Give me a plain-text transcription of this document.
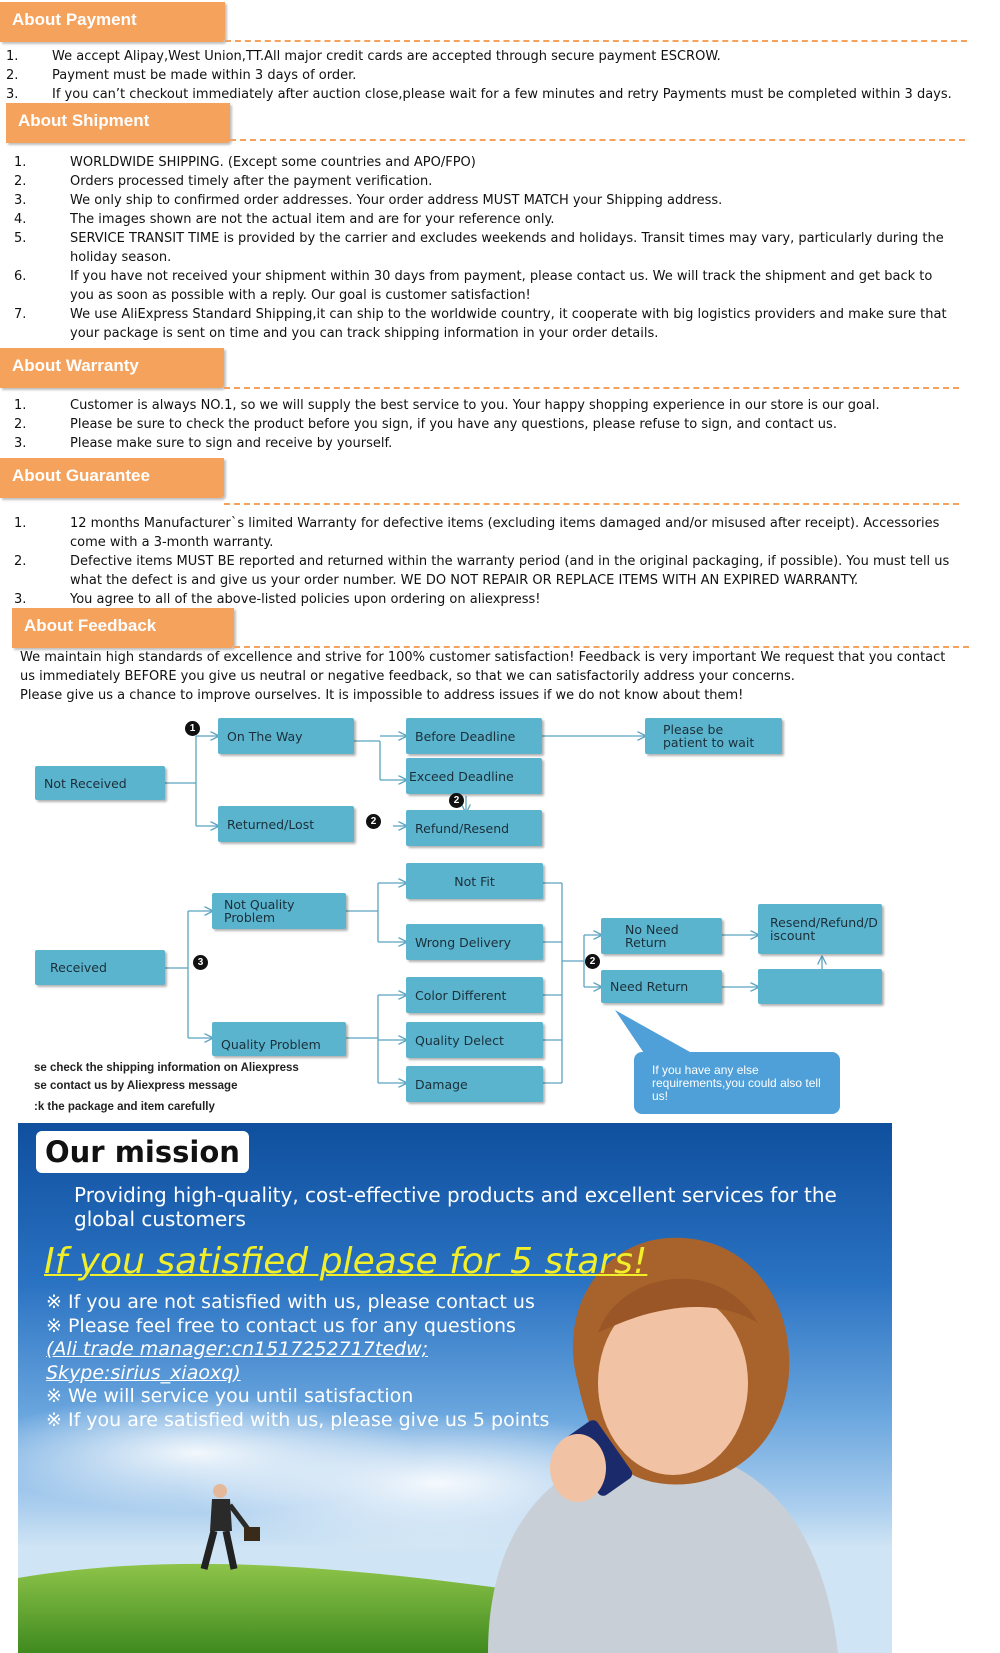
About Payment
1.	We accept Alipay,West Union,TT.All major credit cards are accepted through secure payment ESCROW.
2.	Payment must be made within 3 days of order.
3.	If you can’t checkout immediately after auction close,please wait for a few minutes and retry Payments must be completed within 3 days.
About Shipment
1.	WORLDWIDE SHIPPING. (Except some countries and APO/FPO)
2.	Orders processed timely after the payment verification.
3.	We only ship to confirmed order addresses. Your order address MUST MATCH your Shipping address.
4.	The images shown are not the actual item and are for your reference only.
5.	SERVICE TRANSIT TIME is provided by the carrier and excludes weekends and holidays. Transit times may vary, particularly during the holiday season.
6.	If you have not received your shipment within 30 days from payment, please contact us. We will track the shipment and get back to you as soon as possible with a reply. Our goal is customer satisfaction!
7.	We use AliExpress Standard Shipping,it can ship to the worldwide country, it cooperate with big logistics providers and make sure that your package is sent on time and you can track shipping information in your order details.
About Warranty
1.	Customer is always NO.1, so we will supply the best service to you. Your happy shopping experience in our store is our goal.
2.	Please be sure to check the product before you sign, if you have any questions, please refuse to sign, and contact us.
3.	Please make sure to sign and receive by yourself.
About Guarantee
1.	12 months Manufacturer`s limited Warranty for defective items (excluding items damaged and/or misused after receipt). Accessories come with a 3-month warranty.
2.	Defective items MUST BE reported and returned within the warranty period (and in the original packaging, if possible). You must tell us what the defect is and give us your order number. WE DO NOT REPAIR OR REPLACE ITEMS WITH AN EXPIRED WARRANTY.
3.	You agree to all of the above-listed policies upon ordering on aliexpress!
About Feedback
We maintain high standards of excellence and strive for 100% customer satisfaction! Feedback is very important We request that you contact us immediately BEFORE you give us neutral or negative feedback, so that we can satisfactorily address your concerns.
Please give us a chance to improve ourselves. It is impossible to address issues if we do not know about them!
Not Received
On The Way
Returned/Lost
Before Deadline
Exceed Deadline
Refund/Resend
Please be patient to wait
Received
Not Quality Problem
Quality Problem
Not Fit
Wrong Delivery
Color Different
Quality Delect
Damage
No Need Return
Need Return
Resend/Refund/Discount
1
2
2
3	2
If you have any else requirements,you could also tell us!
se check the shipping information on Aliexpress
se contact us by Aliexpress message
:k the package and item carefully
Our mission
Providing high-quality, cost-effective products and excellent services for the global customers
If you satisfied please for 5 stars!
※ If you are not satisfied with us, please contact us
※ Please feel free to contact us for any questions
(Ali trade manager:cn1517252717tedw; Skype:sirius_xiaoxq)
※ We will service you until satisfaction
※ If you are satisfied with us, please give us 5 points
